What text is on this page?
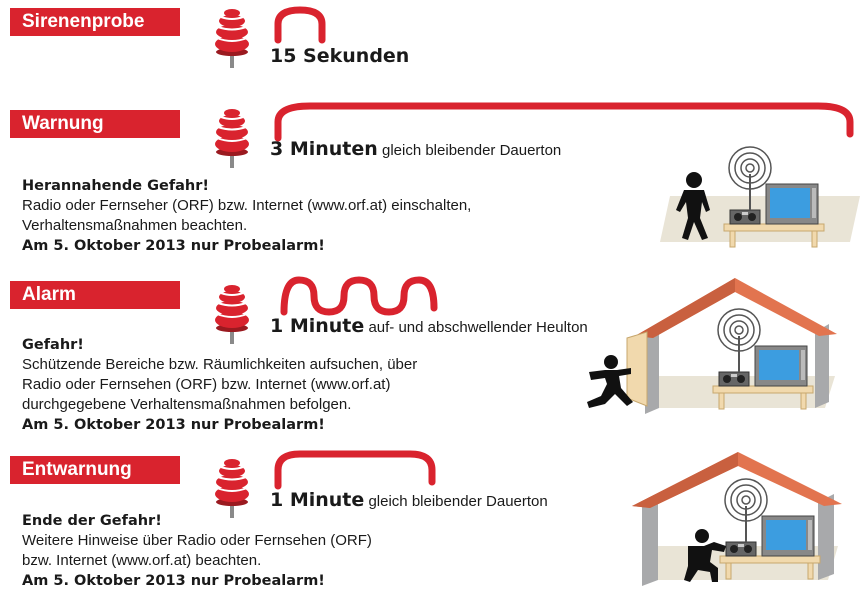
Sirenenprobe
15 Sekunden
Warnung
3 Minuten gleich bleibender Dauerton
Herannahende Gefahr!
Radio oder Fernseher (ORF) bzw. Internet (www.orf.at) einschalten,
Verhaltensmaßnahmen beachten.
Am 5. Oktober 2013 nur Probealarm!
Alarm
1 Minute auf- und abschwellender Heulton
Gefahr!
Schützende Bereiche bzw. Räumlichkeiten aufsuchen, über
Radio oder Fernsehen (ORF) bzw. Internet (www.orf.at)
durchgegebene Verhaltensmaßnahmen befolgen.
Am 5. Oktober 2013 nur Probealarm!
Entwarnung
1 Minute gleich bleibender Dauerton
Ende der Gefahr!
Weitere Hinweise über Radio oder Fernsehen (ORF)
bzw. Internet (www.orf.at) beachten.
Am 5. Oktober 2013 nur Probealarm!
